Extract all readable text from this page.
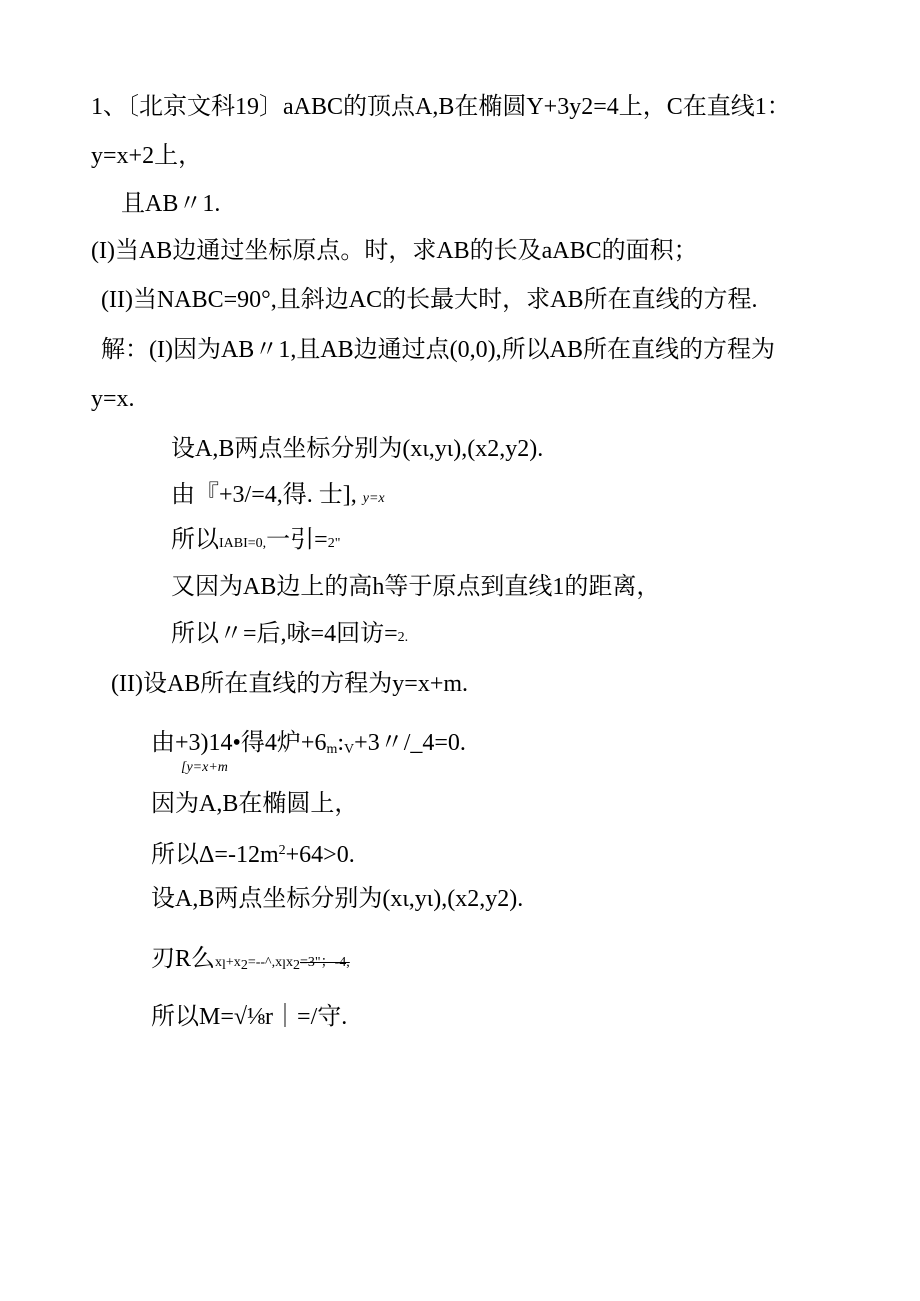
1、〔北京文科19〕aABC的顶点A,B在椭圆Y+3y2=4上，C在直线1：
y=x+2上，
且AB〃1.
(I)当AB边通过坐标原点。时，求AB的长及aABC的面积；
(II)当NABC=90°,且斜边AC的长最大时，求AB所在直线的方程.
解：(I)因为AB〃1,且AB边通过点(0,0),所以AB所在直线的方程为
y=x.
设A,B两点坐标分别为(xι,yι),(x2,y2).
由『+3/=4,得. 士], y=x
所以IABI=0,一引=2"
又因为AB边上的高h等于原点到直线1的距离，
所以〃=后,咏=4回访=2.
(II)设AB所在直线的方程为y=x+m.
由+3)14•得4炉$+6_m:_V+3$〃/_4=0.
[y=x+m
因为A,B在椭圆上，
所以$\Delta=-12m^2+64>0$.
设A,B两点坐标分别为(xι,yι),(x2,y2).
刃R么$x_l+x_2=--\^{},x_lx_2=3$"；-4,
所以M=√⅛r｜=/守.
